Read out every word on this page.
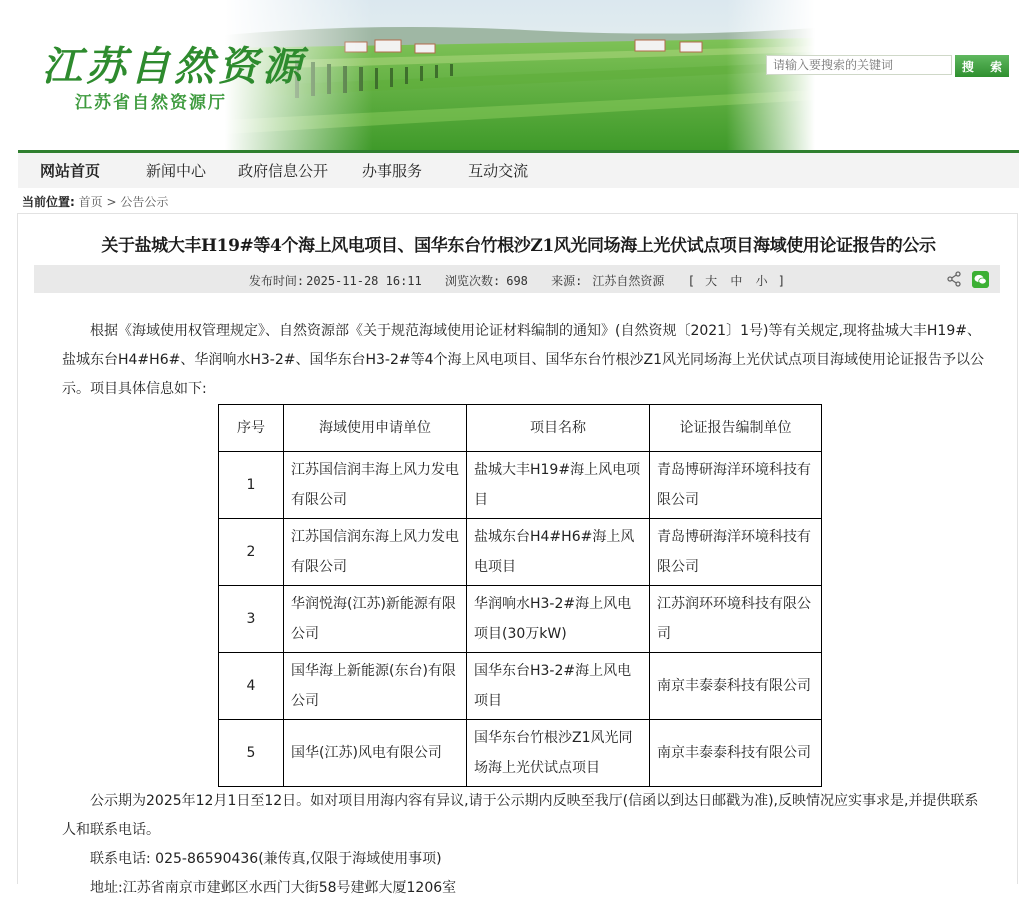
江苏自然资源
江苏省自然资源厅
请输入要搜索的关键词
搜 索
网站首页	新闻中心	政府信息公开	办事服务	互动交流
当前位置: 首页 > 公告公示
关于盐城大丰H19#等4个海上风电项目、国华东台竹根沙Z1风光同场海上光伏试点项目海域使用论证报告的公示
发布时间: 2025-11-28 16:11 浏览次数: 698 来源: 江苏自然资源 [ 大 中 小 ]

根据《海域使用权管理规定》、自然资源部《关于规范海域使用论证材料编制的通知》(自然资规〔2021〕1号)等有关规定,现将盐城大丰H19#、盐城东台H4#H6#、华润响水H3-2#、国华东台H3-2#等4个海上风电项目、国华东台竹根沙Z1风光同场海上光伏试点项目海域使用论证报告予以公示。项目具体信息如下:

序号	海域使用申请单位	项目名称	论证报告编制单位
1	江苏国信润丰海上风力发电有限公司	盐城大丰H19#海上风电项目	青岛博研海洋环境科技有限公司
2	江苏国信润东海上风力发电有限公司	盐城东台H4#H6#海上风电项目	青岛博研海洋环境科技有限公司
3	华润悦海(江苏)新能源有限公司	华润响水H3-2#海上风电项目(30万kW)	江苏润环环境科技有限公司
4	国华海上新能源(东台)有限公司	国华东台H3-2#海上风电项目	南京丰泰泰科技有限公司
5	国华(江苏)风电有限公司	国华东台竹根沙Z1风光同场海上光伏试点项目	南京丰泰泰科技有限公司

公示期为2025年12月1日至12日。如对项目用海内容有异议,请于公示期内反映至我厅(信函以到达日邮戳为准),反映情况应实事求是,并提供联系人和联系电话。

联系电话: 025-86590436(兼传真,仅限于海域使用事项)

地址:江苏省南京市建邺区水西门大街58号建邺大厦1206室
